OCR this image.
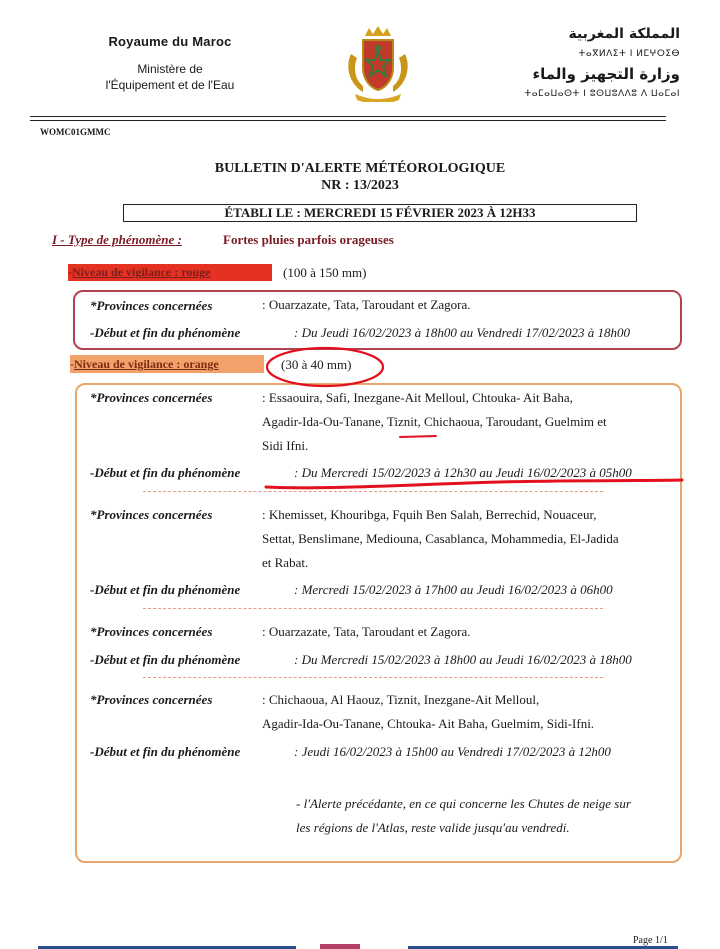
Royaume du Maroc
Ministère de
l'Équipement et de l'Eau
المملكة المغربية
ⵜⴰⴳⵍⴷⵉⵜ ⵏ ⵍⵎⵖⵔⵉⴱ
وزارة التجهيز والماء
ⵜⴰⵎⴰⵡⴰⵙⵜ ⵏ ⵓⵙⵡⵓⴷⴷⵓ ⴷ ⵡⴰⵎⴰⵏ
WOMC01GMMC
BULLETIN D'ALERTE MÉTÉOROLOGIQUE
NR : 13/2023
ÉTABLI LE : MERCREDI 15 FÉVRIER 2023 À 12H33
I - Type de phénomène :	Fortes pluies parfois orageuses
-Niveau de vigilance : rouge	(100 à 150 mm)
*Provinces concernées	: Ouarzazate, Tata, Taroudant et Zagora.
-Début et fin du phénomène	: Du Jeudi 16/02/2023 à 18h00 au Vendredi 17/02/2023 à 18h00
-Niveau de vigilance : orange	(30 à 40 mm)
*Provinces concernées	: Essaouira, Safi, Inezgane-Ait Melloul, Chtouka- Ait Baha,
Agadir-Ida-Ou-Tanane, Tiznit, Chichaoua, Taroudant, Guelmim et
Sidi Ifni.
-Début et fin du phénomène	: Du Mercredi 15/02/2023 à 12h30 au Jeudi 16/02/2023 à 05h00
*Provinces concernées	: Khemisset, Khouribga, Fquih Ben Salah, Berrechid, Nouaceur,
Settat, Benslimane, Mediouna, Casablanca, Mohammedia, El-Jadida
et Rabat.
-Début et fin du phénomène	: Mercredi 15/02/2023 à 17h00 au Jeudi 16/02/2023 à 06h00
*Provinces concernées	: Ouarzazate, Tata, Taroudant et Zagora.
-Début et fin du phénomène	: Du Mercredi 15/02/2023 à 18h00 au Jeudi 16/02/2023 à 18h00
*Provinces concernées	: Chichaoua, Al Haouz, Tiznit, Inezgane-Ait Melloul,
Agadir-Ida-Ou-Tanane, Chtouka- Ait Baha, Guelmim, Sidi-Ifni.
-Début et fin du phénomène	: Jeudi 16/02/2023 à 15h00 au Vendredi 17/02/2023 à 12h00
- l'Alerte précédante, en ce qui concerne les Chutes de neige sur
les régions de l'Atlas, reste valide jusqu'au vendredi.
Page 1/1
